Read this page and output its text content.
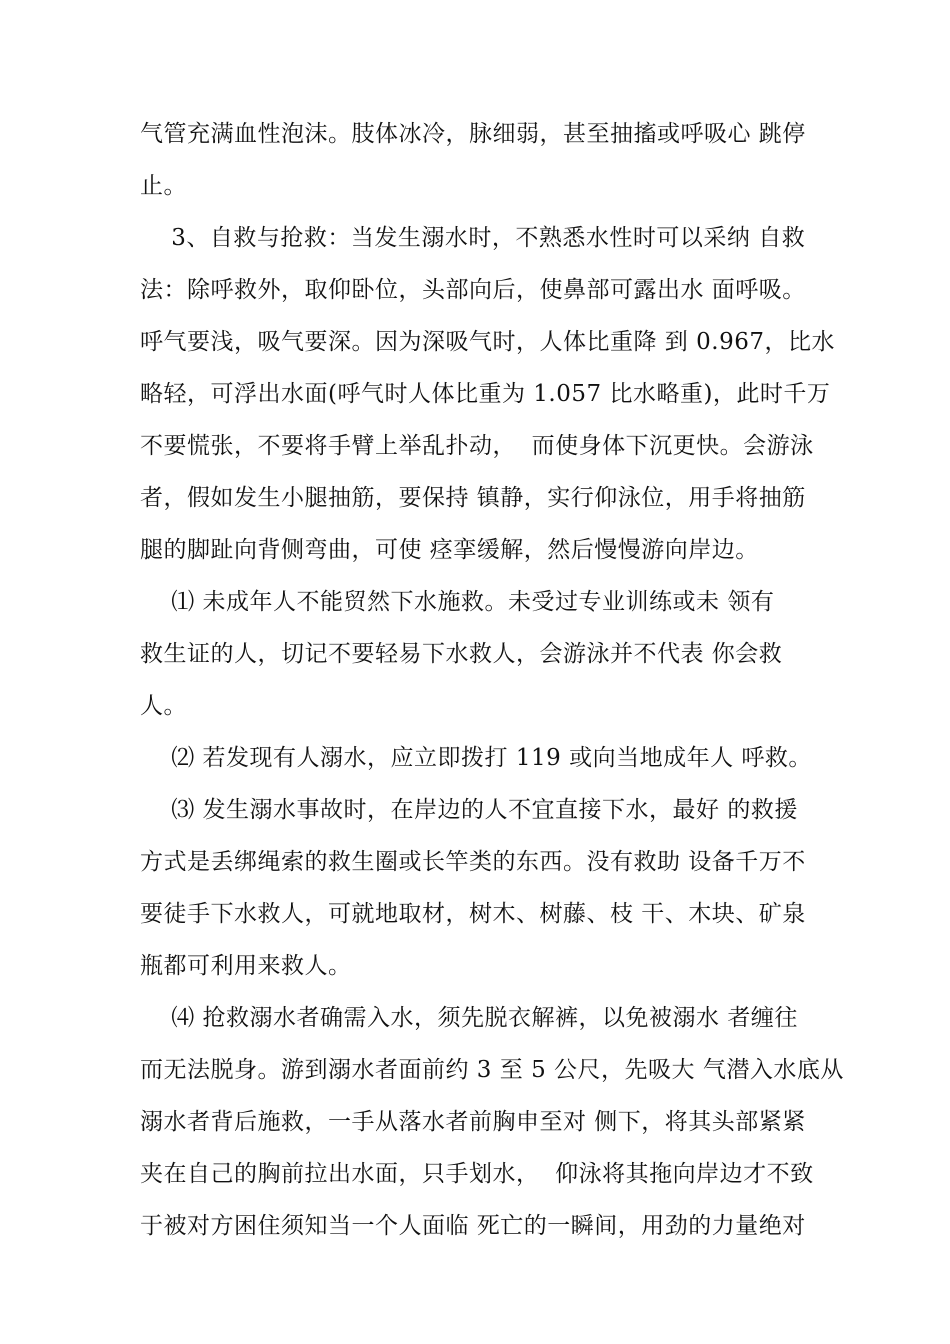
气管充满血性泡沫。肢体冰冷，脉细弱，甚至抽搐或呼吸心 跳停
止。
3、自救与抢救：当发生溺水时，不熟悉水性时可以采纳 自救
法：除呼救外，取仰卧位，头部向后，使鼻部可露出水 面呼吸。
呼气要浅，吸气要深。因为深吸气时，人体比重降 到 0.967，比水
略轻，可浮出水面(呼气时人体比重为 1.057 比水略重)，此时千万
不要慌张，不要将手臂上举乱扑动，  而使身体下沉更快。会游泳
者，假如发生小腿抽筋，要保持 镇静，实行仰泳位，用手将抽筋
腿的脚趾向背侧弯曲，可使 痉挛缓解，然后慢慢游向岸边。
⑴ 未成年人不能贸然下水施救。未受过专业训练或未 领有
救生证的人，切记不要轻易下水救人，会游泳并不代表 你会救
人。
⑵ 若发现有人溺水，应立即拨打 119 或向当地成年人 呼救。
⑶ 发生溺水事故时，在岸边的人不宜直接下水，最好 的救援
方式是丢绑绳索的救生圈或长竿类的东西。没有救助 设备千万不
要徒手下水救人，可就地取材，树木、树藤、枝 干、木块、矿泉
瓶都可利用来救人。
⑷ 抢救溺水者确需入水，须先脱衣解裤，以免被溺水 者缠往
而无法脱身。游到溺水者面前约 3 至 5 公尺，先吸大 气潜入水底从
溺水者背后施救，一手从落水者前胸申至对 侧下，将其头部紧紧
夹在自己的胸前拉出水面，只手划水，  仰泳将其拖向岸边才不致
于被对方困住须知当一个人面临 死亡的一瞬间，用劲的力量绝对
